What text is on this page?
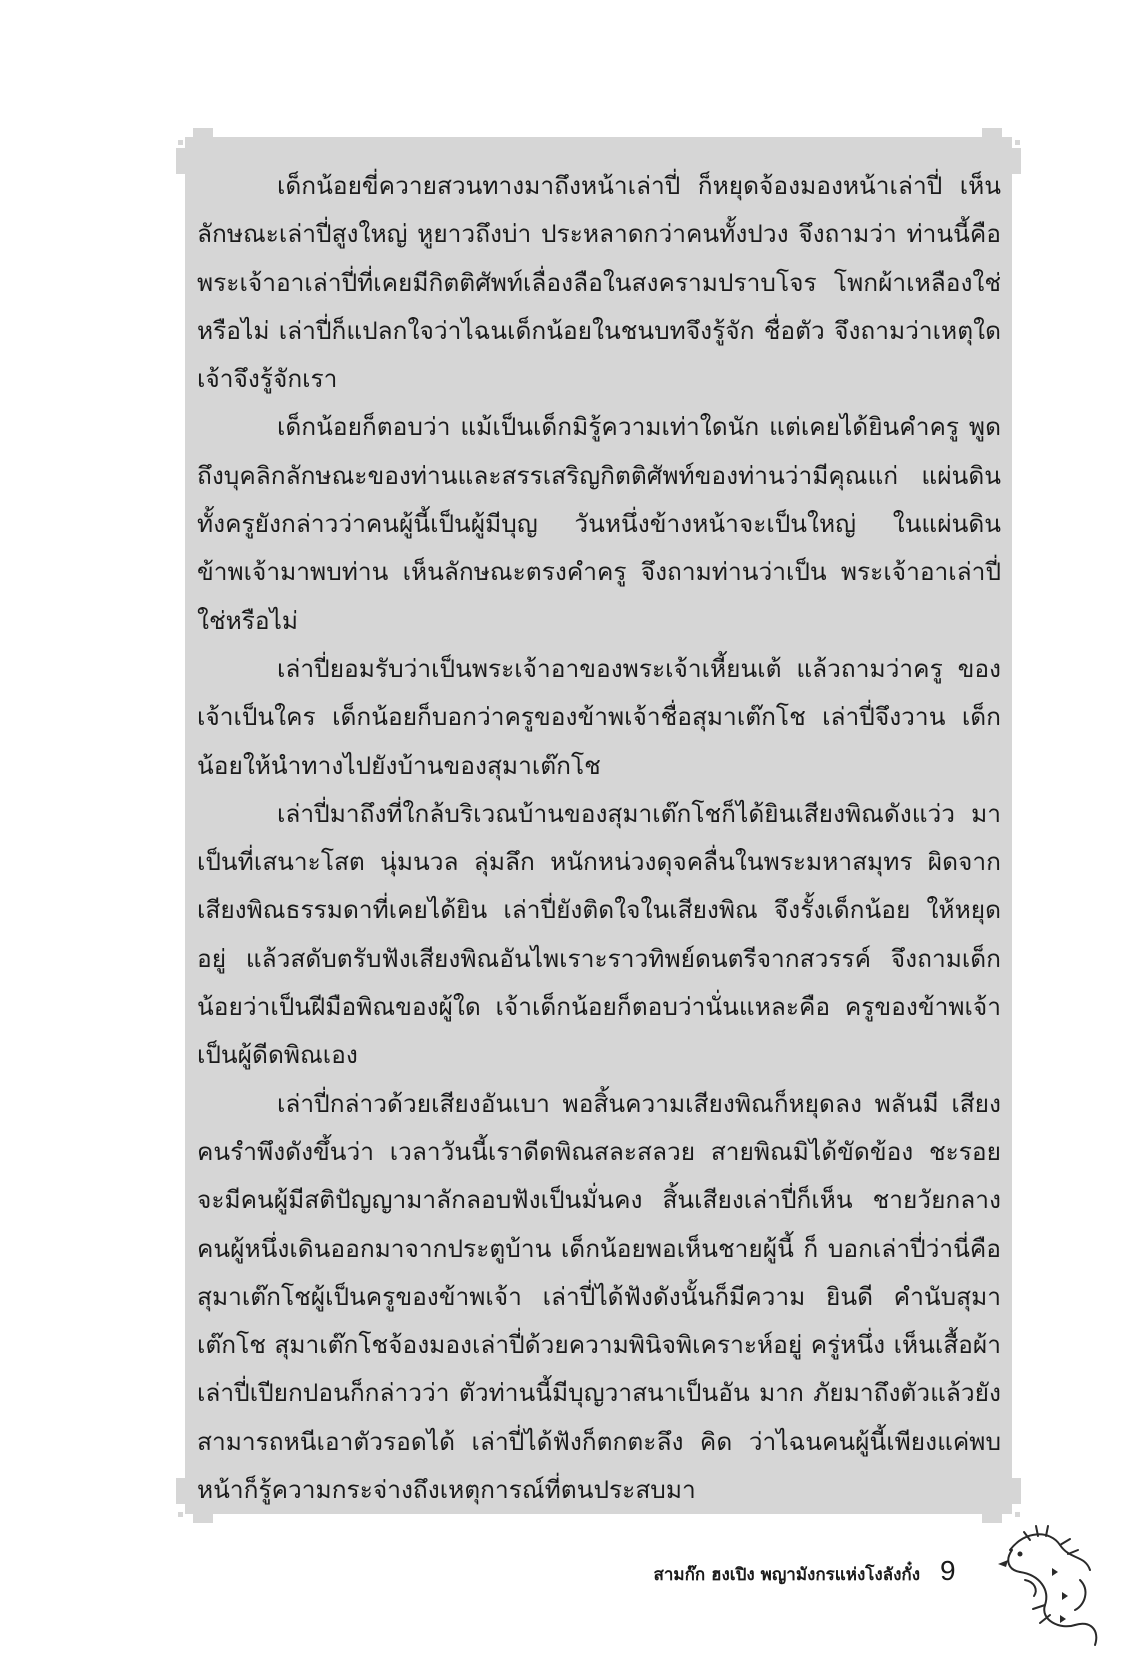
เด็กน้อยขี่ควายสวนทางมาถึงหน้าเล่าปี่ ก็หยุดจ้องมองหน้าเล่าปี่ เห็นลักษณะเล่าปี่สูงใหญ่ หูยาวถึงบ่า ประหลาดกว่าคนทั้งปวง จึงถามว่า ท่านนี้คือพระเจ้าอาเล่าปี่ที่เคยมีกิตติศัพท์เลื่องลือในสงครามปราบโจร โพกผ้าเหลืองใช่หรือไม่ เล่าปี่ก็แปลกใจว่าไฉนเด็กน้อยในชนบทจึงรู้จัก ชื่อตัว จึงถามว่าเหตุใดเจ้าจึงรู้จักเรา

เด็กน้อยก็ตอบว่า แม้เป็นเด็กมิรู้ความเท่าใดนัก แต่เคยได้ยินคำครู พูดถึงบุคลิกลักษณะของท่านและสรรเสริญกิตติศัพท์ของท่านว่ามีคุณแก่ แผ่นดิน ทั้งครูยังกล่าวว่าคนผู้นี้เป็นผู้มีบุญ วันหนึ่งข้างหน้าจะเป็นใหญ่ ในแผ่นดิน ข้าพเจ้ามาพบท่าน เห็นลักษณะตรงคำครู จึงถามท่านว่าเป็น พระเจ้าอาเล่าปี่ใช่หรือไม่

เล่าปี่ยอมรับว่าเป็นพระเจ้าอาของพระเจ้าเหี้ยนเต้ แล้วถามว่าครู ของเจ้าเป็นใคร เด็กน้อยก็บอกว่าครูของข้าพเจ้าชื่อสุมาเต๊กโช เล่าปี่จึงวาน เด็กน้อยให้นำทางไปยังบ้านของสุมาเต๊กโช

เล่าปี่มาถึงที่ใกล้บริเวณบ้านของสุมาเต๊กโชก็ได้ยินเสียงพิณดังแว่ว มาเป็นที่เสนาะโสต นุ่มนวล ลุ่มลึก หนักหน่วงดุจคลื่นในพระมหาสมุทร ผิดจากเสียงพิณธรรมดาที่เคยได้ยิน เล่าปี่ยังติดใจในเสียงพิณ จึงรั้งเด็กน้อย ให้หยุดอยู่ แล้วสดับตรับฟังเสียงพิณอันไพเราะราวทิพย์ดนตรีจากสวรรค์ จึงถามเด็กน้อยว่าเป็นฝีมือพิณของผู้ใด เจ้าเด็กน้อยก็ตอบว่านั่นแหละคือ ครูของข้าพเจ้าเป็นผู้ดีดพิณเอง

เล่าปี่กล่าวด้วยเสียงอันเบา พอสิ้นความเสียงพิณก็หยุดลง พลันมี เสียงคนรำพึงดังขึ้นว่า เวลาวันนี้เราดีดพิณสละสลวย สายพิณมิได้ขัดข้อง ชะรอยจะมีคนผู้มีสติปัญญามาลักลอบฟังเป็นมั่นคง สิ้นเสียงเล่าปี่ก็เห็น ชายวัยกลางคนผู้หนึ่งเดินออกมาจากประตูบ้าน เด็กน้อยพอเห็นชายผู้นี้ ก็ บอกเล่าปี่ว่านี่คือสุมาเต๊กโชผู้เป็นครูของข้าพเจ้า เล่าปี่ได้ฟังดังนั้นก็มีความ ยินดี คำนับสุมาเต๊กโช สุมาเต๊กโชจ้องมองเล่าปี่ด้วยความพินิจพิเคราะห์อยู่ ครู่หนึ่ง เห็นเสื้อผ้าเล่าปี่เปียกปอนก็กล่าวว่า ตัวท่านนี้มีบุญวาสนาเป็นอัน มาก ภัยมาถึงตัวแล้วยังสามารถหนีเอาตัวรอดได้ เล่าปี่ได้ฟังก็ตกตะลึง คิด ว่าไฉนคนผู้นี้เพียงแค่พบหน้าก็รู้ความกระจ่างถึงเหตุการณ์ที่ตนประสบมา

สามก๊ก ฮงเปิง พญามังกรแห่งโงลังกั๋ง 9
